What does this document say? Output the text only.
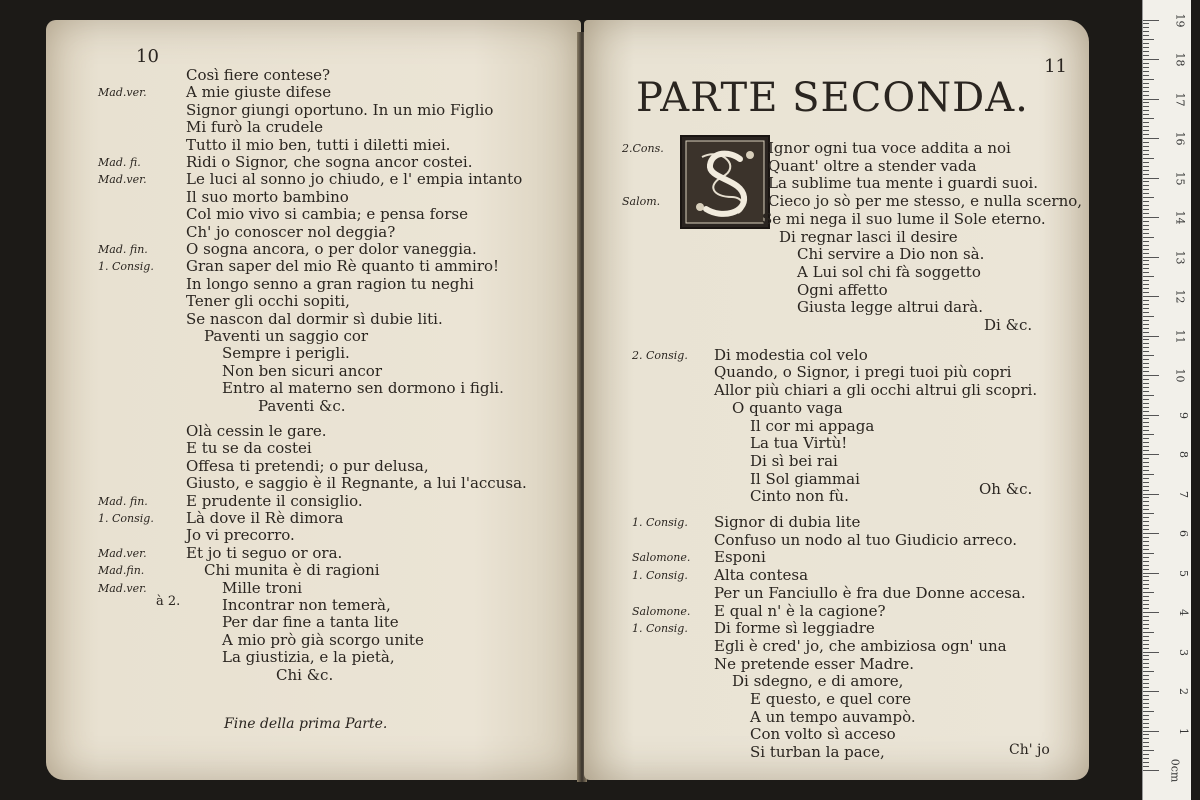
10
Così fiere contese?
Mad.ver.	A mie giuste difese
Signor giungi oportuno. In un mio Figlio
Mi furò la crudele
Tutto il mio ben, tutti i diletti miei.
Mad. fi.	Ridi o Signor, che sogna ancor costei.
Mad.ver.	Le luci al sonno jo chiudo, e l' empia intanto
Il suo morto bambino
Col mio vivo si cambia; e pensa forse
Ch' jo conoscer nol deggia?
Mad. fin.	O sogna ancora, o per dolor vaneggia.
1. Consig. Gran saper del mio Rè quanto ti ammiro!
In longo senno a gran ragion tu neghi
Tener gli occhi sopiti,
Se nascon dal dormir sì dubie liti.
Paventi un saggio cor
Sempre i perigli.
Non ben sicuri ancor
Entro al materno sen dormono i figli.
Paventi &c.
Olà cessin le gare.
E tu se da costei
Offesa ti pretendi; o pur delusa,
Giusto, e saggio è il Regnante, a lui l'accusa.
Mad. fin.	E prudente il consiglio.
1. Consig. Là dove il Rè dimora
Jo vi precorro.
Mad.ver.	Et jo ti seguo or ora.
Mad.fin.	Chi munita è di ragioni
Mad.ver.	Mille troni
Incontrar non temerà,
Per dar fine a tanta lite
A mio prò già scorgo unite
La giustizia, e la pietà,
Chi &c.
à 2.
Fine della prima Parte.
11
PARTE SECONDA.
2.Cons.	Ignor ogni tua voce addita a noi
Quant' oltre a stender vada
La sublime tua mente i guardi suoi.
Salom.	Cieco jo sò per me stesso, e nulla scerno,
Se mi nega il suo lume il Sole eterno.
Di regnar lasci il desire
Chi servire a Dio non sà.
A Lui sol chi fà soggetto
Ogni affetto
Giusta legge altrui darà.
Di &c.
2. Consig. Di modestia col velo
Quando, o Signor, i pregi tuoi più copri
Allor più chiari a gli occhi altrui gli scopri.
O quanto vaga
Il cor mi appaga
La tua Virtù!
Di sì bei rai
Il Sol giammai
Cinto non fù.
1. Consig. Signor di dubia lite
Confuso un nodo al tuo Giudicio arreco.
Salomone. Esponi
1. Consig. Alta contesa
Per un Fanciullo è fra due Donne accesa.
Salomone. E qual n' è la cagione?
1. Consig. Di forme sì leggiadre
Egli è cred' jo, che ambiziosa ogn' una
Ne pretende esser Madre.
Di sdegno, e di amore,
E questo, e quel core
A un tempo auvampò.
Con volto sì acceso
Si turban la pace,
Oh &c.
Ch' jo
0cm
1
2
3
4
5
6
7
8
9
10
11
12
13
14
15
16
17
18
19
